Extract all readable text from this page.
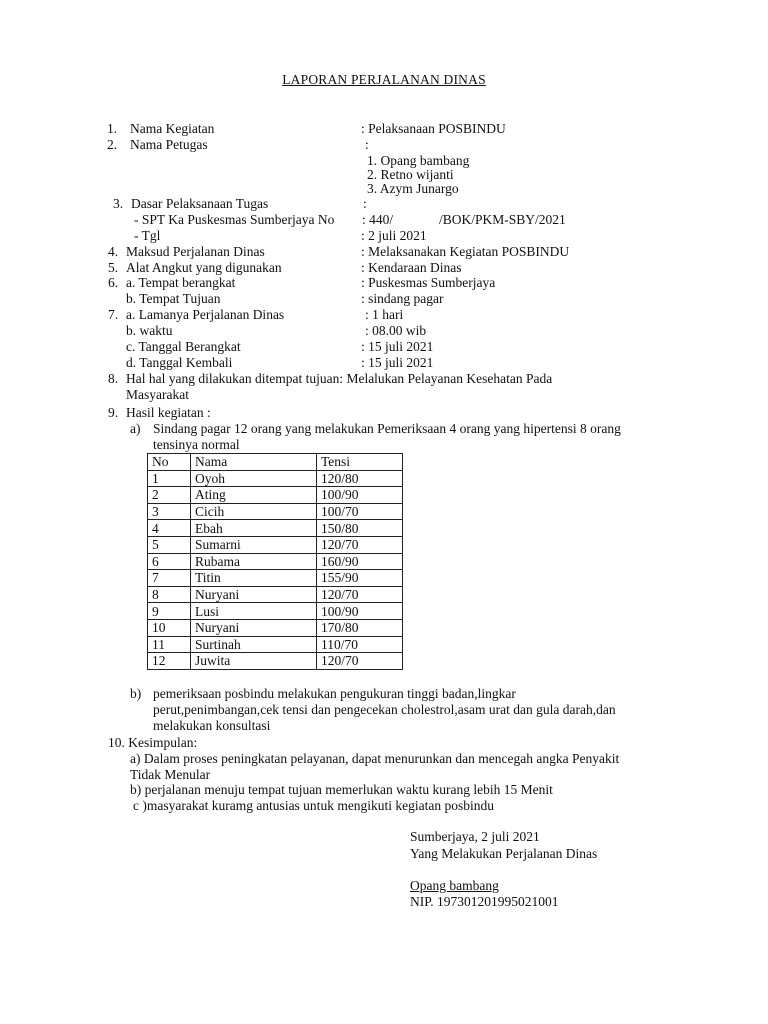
LAPORAN PERJALANAN DINAS
1. Nama Kegiatan	: Pelaksanaan POSBINDU
2. Nama Petugas	:
1. Opang bambang
2. Retno wijanti
3. Azym Junargo
3. Dasar Pelaksanaan Tugas	:
- SPT Ka Puskesmas Sumberjaya No : 440/	/BOK/PKM-SBY/2021
- Tgl	: 2 juli 2021
4. Maksud Perjalanan Dinas	: Melaksanakan Kegiatan POSBINDU
5. Alat Angkut yang digunakan	: Kendaraan Dinas
6. a. Tempat berangkat	: Puskesmas Sumberjaya
b. Tempat Tujuan	: sindang pagar
7. a. Lamanya Perjalanan Dinas	: 1 hari
b. waktu	: 08.00 wib
c. Tanggal Berangkat	: 15 juli 2021
d. Tanggal Kembali	: 15 juli 2021
8. Hal hal yang dilakukan ditempat tujuan: Melalukan Pelayanan Kesehatan Pada
Masyarakat
9. Hasil kegiatan :
a) Sindang pagar 12 orang yang melakukan Pemeriksaan 4 orang yang hipertensi 8 orang
tensinya normal
No	Nama	Tensi
1	Oyoh	120/80
2	Ating	100/90
3	Cicih	100/70
4	Ebah	150/80
5	Sumarni	120/70
6	Rubama	160/90
7	Titin	155/90
8	Nuryani	120/70
9	Lusi	100/90
10	Nuryani	170/80
11	Surtinah	110/70
12	Juwita	120/70
b) pemeriksaan posbindu melakukan pengukuran tinggi badan,lingkar
perut,penimbangan,cek tensi dan pengecekan cholestrol,asam urat dan gula darah,dan
melakukan konsultasi
10. Kesimpulan:
a) Dalam proses peningkatan pelayanan, dapat menurunkan dan mencegah angka Penyakit
Tidak Menular
b) perjalanan menuju tempat tujuan memerlukan waktu kurang lebih 15 Menit
c )masyarakat kuramg antusias untuk mengikuti kegiatan posbindu
Sumberjaya, 2 juli 2021
Yang Melakukan Perjalanan Dinas
Opang bambang
NIP. 197301201995021001
